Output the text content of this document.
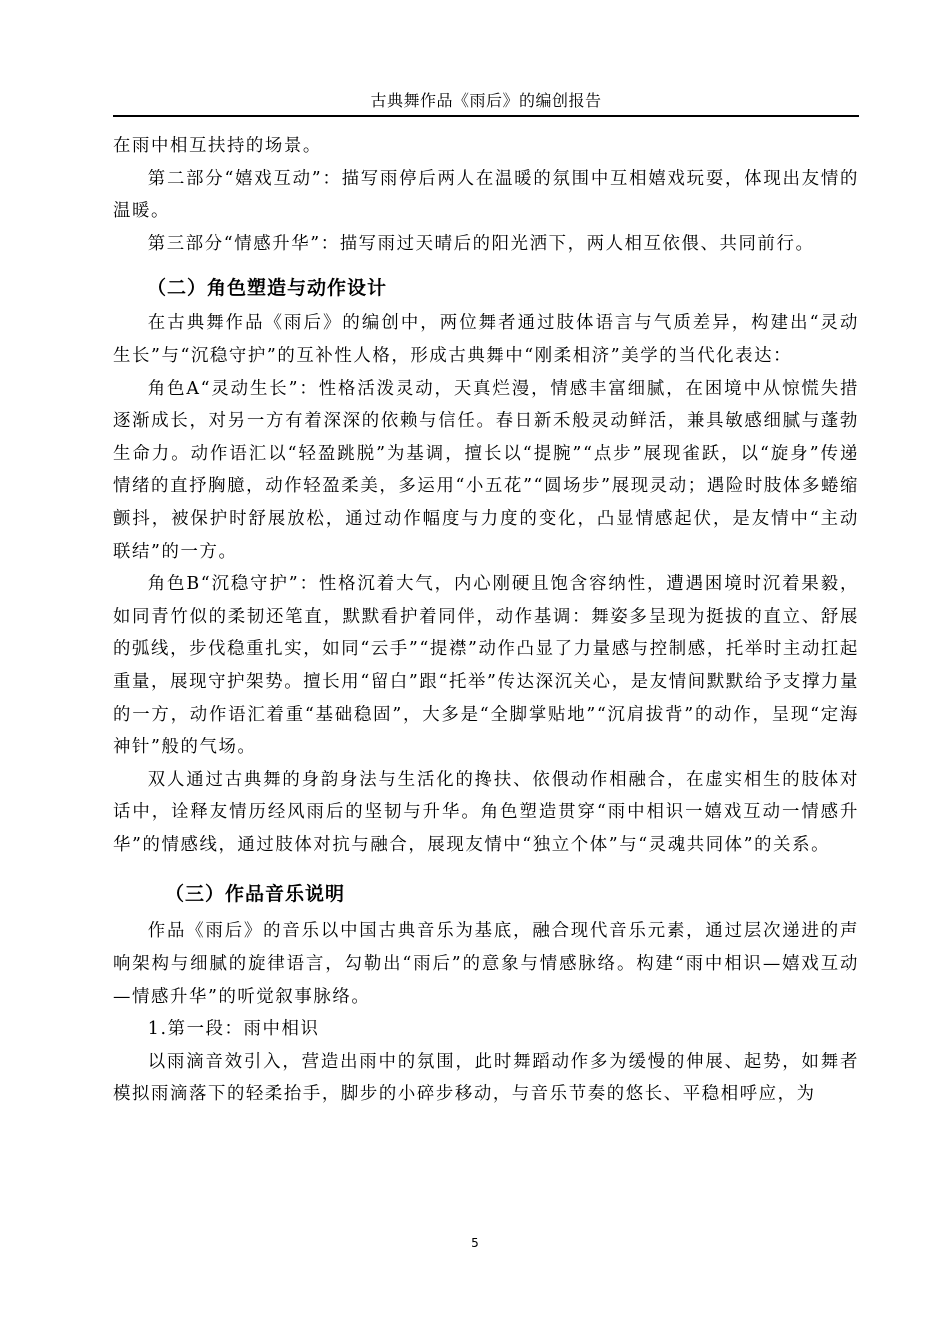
古典舞作品《雨后》的编创报告

在雨中相互扶持的场景。

第二部分“嬉戏互动”：描写雨停后两人在温暖的氛围中互相嬉戏玩耍，体现出友情的温暖。

第三部分“情感升华”：描写雨过天晴后的阳光洒下，两人相互依偎、共同前行。

（二）角色塑造与动作设计

在古典舞作品《雨后》的编创中，两位舞者通过肢体语言与气质差异，构建出“灵动生长”与“沉稳守护”的互补性人格，形成古典舞中“刚柔相济”美学的当代化表达：

角色A“灵动生长”：性格活泼灵动，天真烂漫，情感丰富细腻，在困境中从惊慌失措逐渐成长，对另一方有着深深的依赖与信任。春日新禾般灵动鲜活，兼具敏感细腻与蓬勃生命力。动作语汇以“轻盈跳脱”为基调，擅长以“提腕”“点步”展现雀跃，以“旋身”传递情绪的直抒胸臆，动作轻盈柔美，多运用“小五花”“圆场步”展现灵动；遇险时肢体多蜷缩颤抖，被保护时舒展放松，通过动作幅度与力度的变化，凸显情感起伏，是友情中“主动联结”的一方。

角色B“沉稳守护”：性格沉着大气，内心刚硬且饱含容纳性，遭遇困境时沉着果毅，如同青竹似的柔韧还笔直，默默看护着同伴，动作基调：舞姿多呈现为挺拔的直立、舒展的弧线，步伐稳重扎实，如同“云手”“提襟”动作凸显了力量感与控制感，托举时主动扛起重量，展现守护架势。擅长用“留白”跟“托举”传达深沉关心，是友情间默默给予支撑力量的一方，动作语汇着重“基础稳固”，大多是“全脚掌贴地”“沉肩拔背”的动作，呈现“定海神针”般的气场。

双人通过古典舞的身韵身法与生活化的搀扶、依偎动作相融合，在虚实相生的肢体对话中，诠释友情历经风雨后的坚韧与升华。角色塑造贯穿“雨中相识一嬉戏互动一情感升华”的情感线，通过肢体对抗与融合，展现友情中“独立个体”与“灵魂共同体”的关系。

（三）作品音乐说明

作品《雨后》的音乐以中国古典音乐为基底，融合现代音乐元素，通过层次递进的声响架构与细腻的旋律语言，勾勒出“雨后”的意象与情感脉络。构建“雨中相识—嬉戏互动—情感升华”的听觉叙事脉络。

1.第一段：雨中相识

以雨滴音效引入，营造出雨中的氛围，此时舞蹈动作多为缓慢的伸展、起势，如舞者模拟雨滴落下的轻柔抬手，脚步的小碎步移动，与音乐节奏的悠长、平稳相呼应，为

5
